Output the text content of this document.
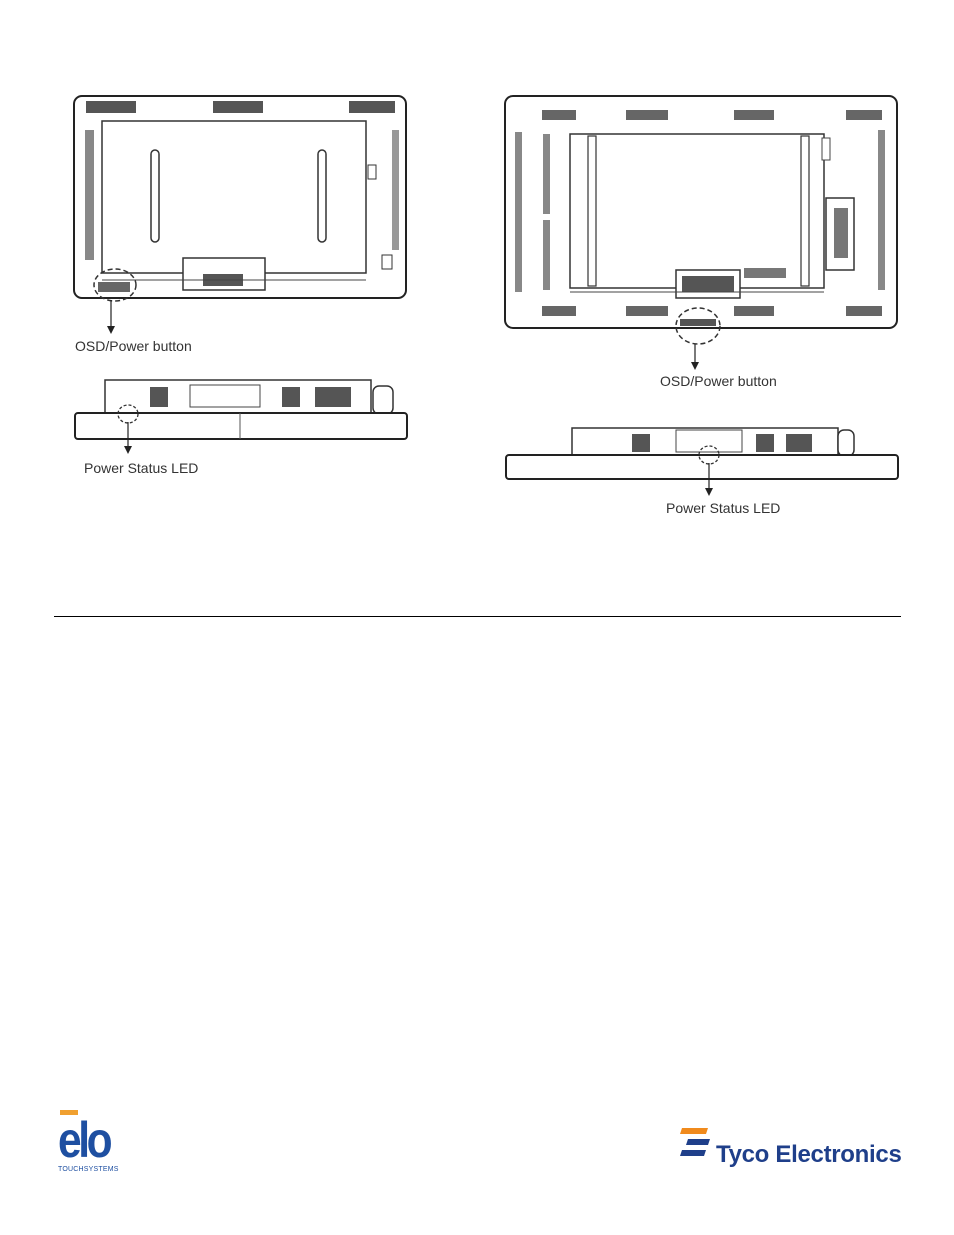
OSD/Power button
Power Status LED
OSD/Power button
Power Status LED
elo
TOUCHSYSTEMS
Tyco Electronics
